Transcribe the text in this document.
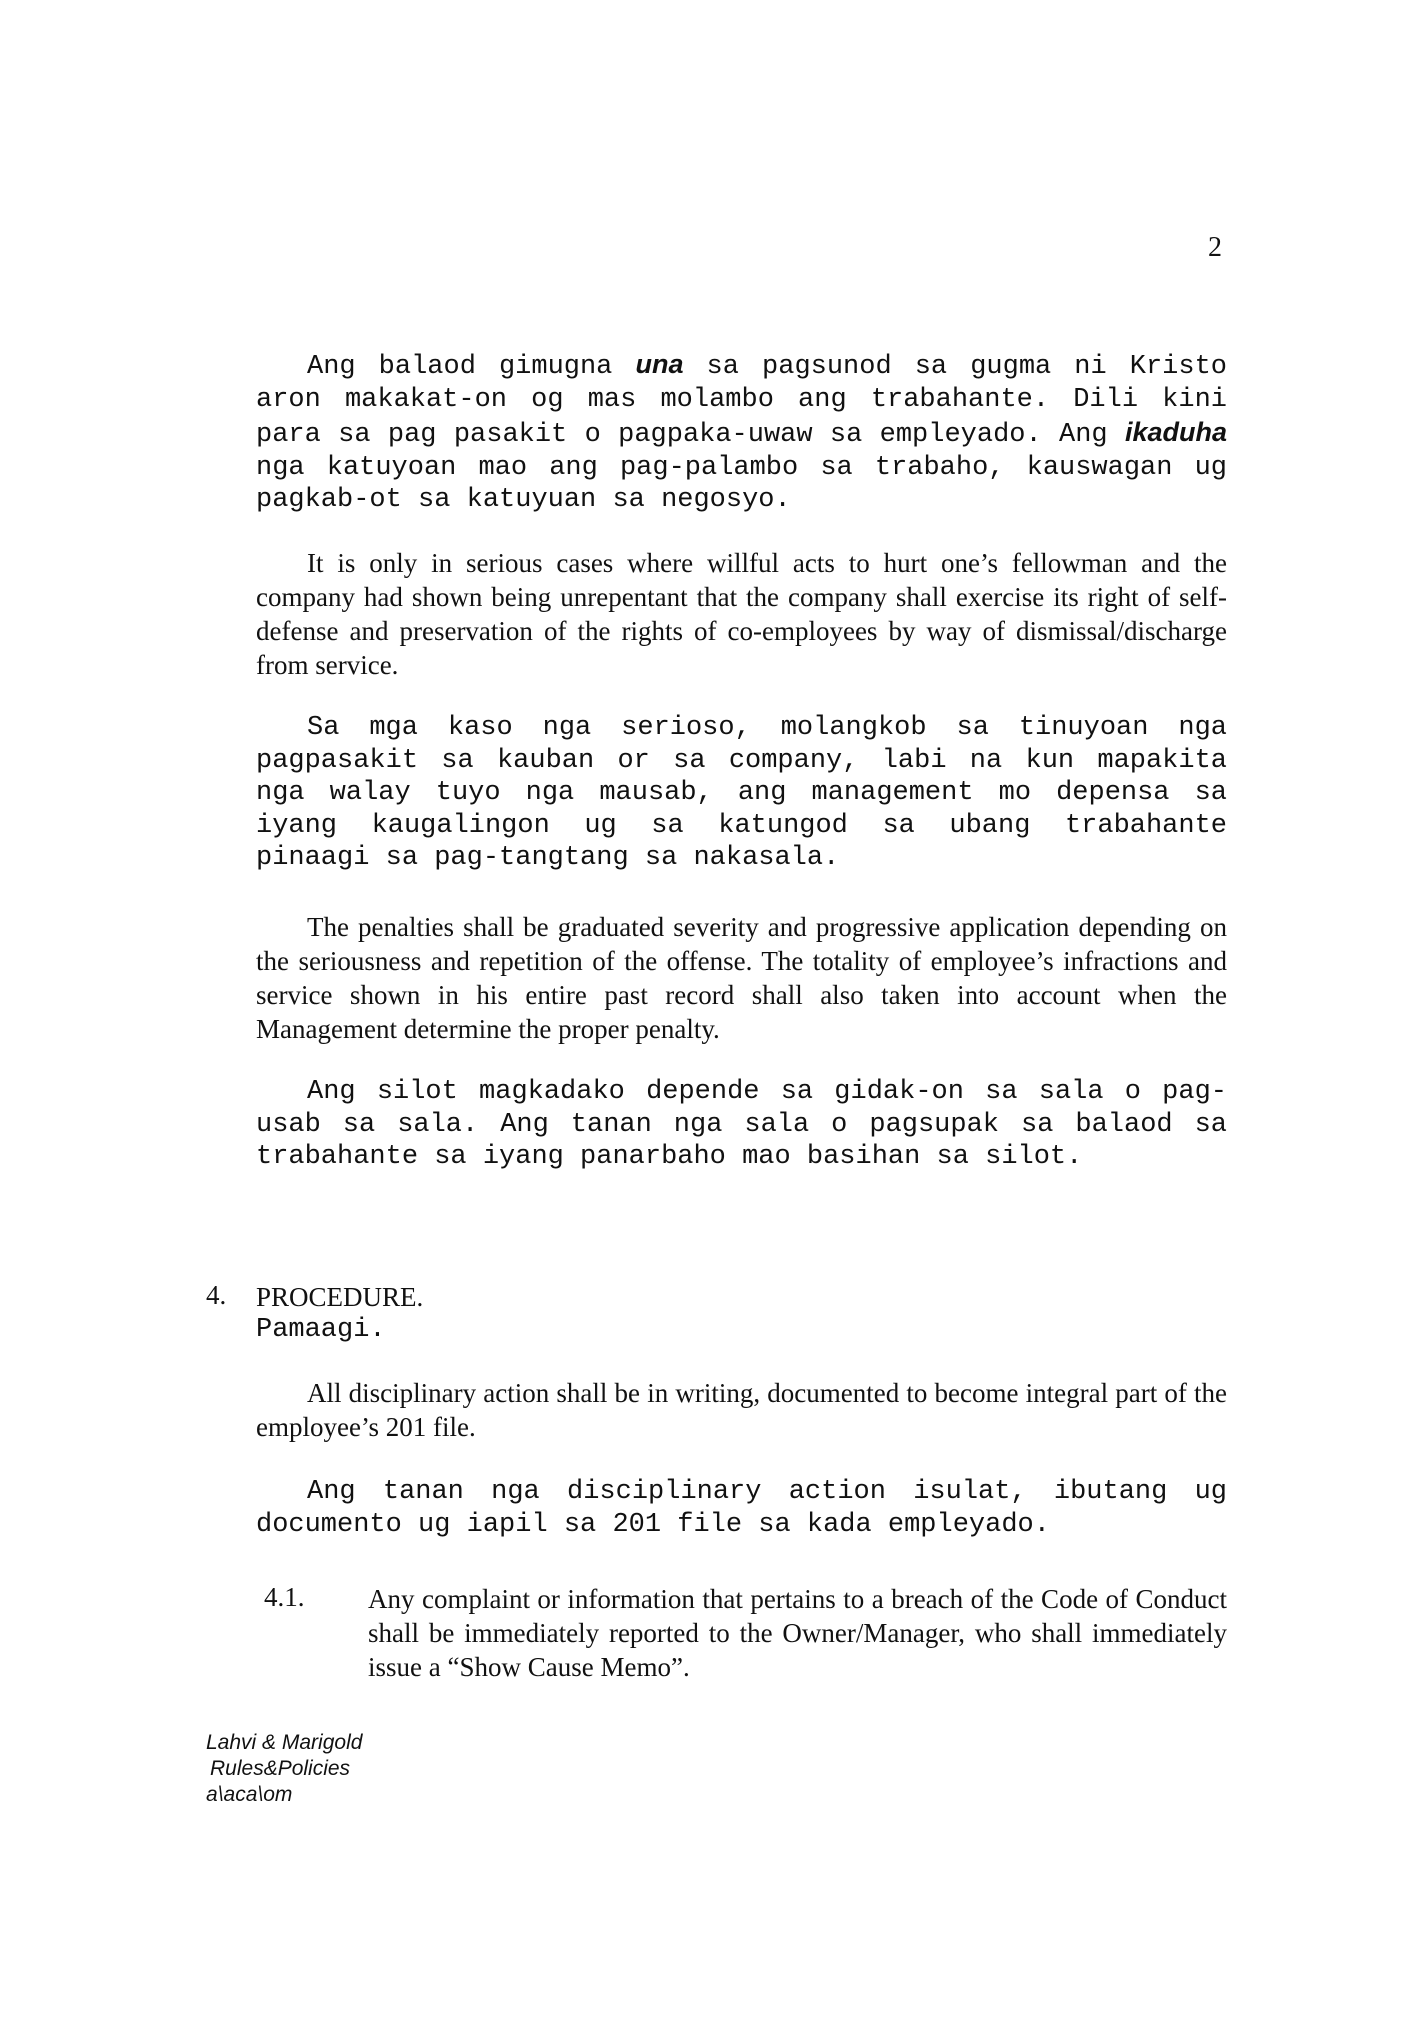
2

Ang balaod gimugna una sa pagsunod sa gugma ni Kristo aron makakat-on og mas molambo ang trabahante. Dili kini para sa pag pasakit o pagpaka-uwaw sa empleyado. Ang ikaduha nga katuyoan mao ang pag-palambo sa trabaho, kauswagan ug pagkab-ot sa katuyuan sa negosyo.

It is only in serious cases where willful acts to hurt one’s fellowman and the company had shown being unrepentant that the company shall exercise its right of self-defense and preservation of the rights of co-employees by way of dismissal/discharge from service.

Sa mga kaso nga serioso, molangkob sa tinuyoan nga pagpasakit sa kauban or sa company, labi na kun mapakita nga walay tuyo nga mausab, ang management mo depensa sa iyang kaugalingon ug sa katungod sa ubang trabahante pinaagi sa pag-tangtang sa nakasala.

The penalties shall be graduated severity and progressive application depending on the seriousness and repetition of the offense. The totality of employee’s infractions and service shown in his entire past record shall also taken into account when the Management determine the proper penalty.

Ang silot magkadako depende sa gidak-on sa sala o pag-usab sa sala. Ang tanan nga sala o pagsupak sa balaod sa trabahante sa iyang panarbaho mao basihan sa silot.

4. PROCEDURE.
Pamaagi.

All disciplinary action shall be in writing, documented to become integral part of the employee’s 201 file.

Ang tanan nga disciplinary action isulat, ibutang ug documento ug iapil sa 201 file sa kada empleyado.

4.1. Any complaint or information that pertains to a breach of the Code of Conduct shall be immediately reported to the Owner/Manager, who shall immediately issue a “Show Cause Memo”.

Lahvi & Marigold
Rules&Policies
a\aca\om
